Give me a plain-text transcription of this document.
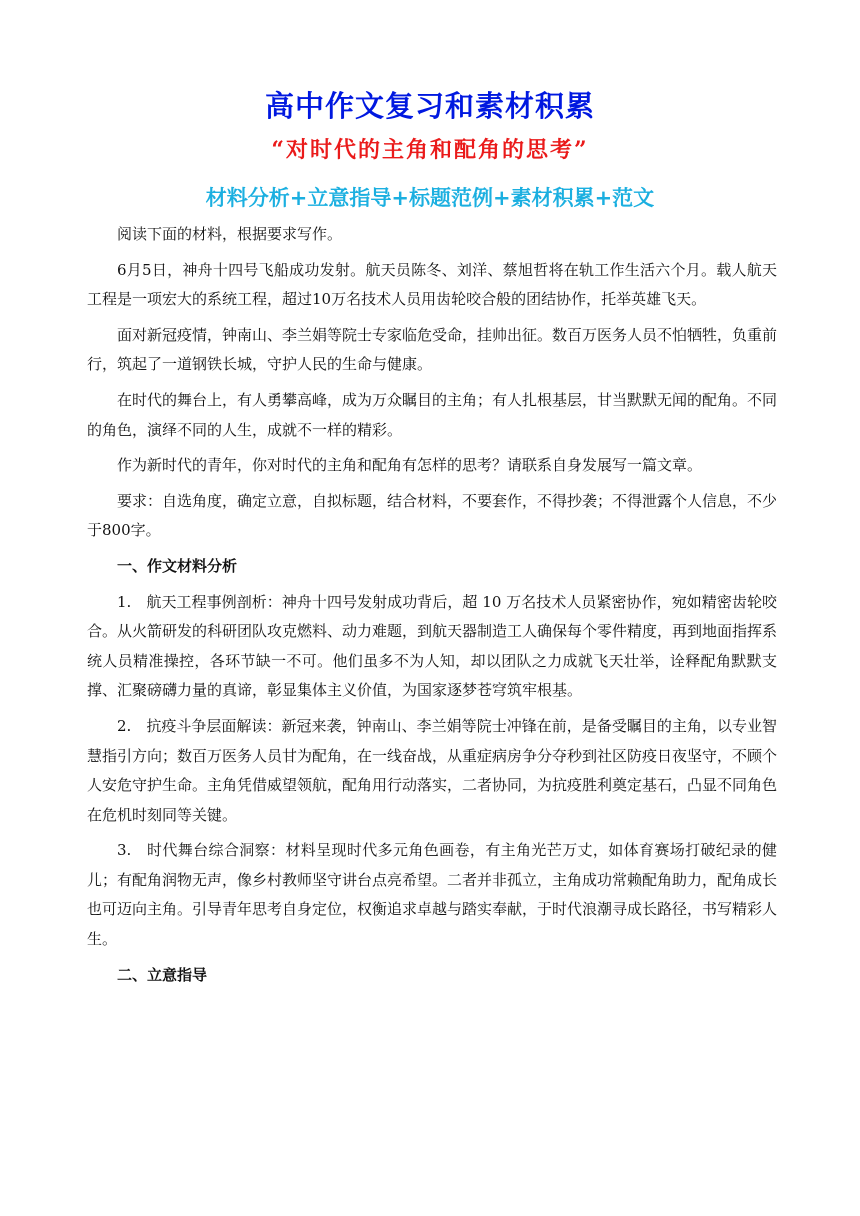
高中作文复习和素材积累
“对时代的主角和配角的思考”
材料分析+立意指导+标题范例+素材积累+范文

阅读下面的材料，根据要求写作。

6月5日，神舟十四号飞船成功发射。航天员陈冬、刘洋、蔡旭哲将在轨工作生活六个月。载人航天工程是一项宏大的系统工程，超过10万名技术人员用齿轮咬合般的团结协作，托举英雄飞天。

面对新冠疫情，钟南山、李兰娟等院士专家临危受命，挂帅出征。数百万医务人员不怕牺牲，负重前行，筑起了一道钢铁长城，守护人民的生命与健康。

在时代的舞台上，有人勇攀高峰，成为万众瞩目的主角；有人扎根基层，甘当默默无闻的配角。不同的角色，演绎不同的人生，成就不一样的精彩。

作为新时代的青年，你对时代的主角和配角有怎样的思考？请联系自身发展写一篇文章。

要求：自选角度，确定立意，自拟标题，结合材料，不要套作，不得抄袭；不得泄露个人信息，不少于800字。

一、作文材料分析

1.　航天工程事例剖析：神舟十四号发射成功背后，超 10 万名技术人员紧密协作，宛如精密齿轮咬合。从火箭研发的科研团队攻克燃料、动力难题，到航天器制造工人确保每个零件精度，再到地面指挥系统人员精准操控，各环节缺一不可。他们虽多不为人知，却以团队之力成就飞天壮举，诠释配角默默支撑、汇聚磅礴力量的真谛，彰显集体主义价值，为国家逐梦苍穹筑牢根基。

2.　抗疫斗争层面解读：新冠来袭，钟南山、李兰娟等院士冲锋在前，是备受瞩目的主角，以专业智慧指引方向；数百万医务人员甘为配角，在一线奋战，从重症病房争分夺秒到社区防疫日夜坚守，不顾个人安危守护生命。主角凭借威望领航，配角用行动落实，二者协同，为抗疫胜利奠定基石，凸显不同角色在危机时刻同等关键。

3.　时代舞台综合洞察：材料呈现时代多元角色画卷，有主角光芒万丈，如体育赛场打破纪录的健儿；有配角润物无声，像乡村教师坚守讲台点亮希望。二者并非孤立，主角成功常赖配角助力，配角成长也可迈向主角。引导青年思考自身定位，权衡追求卓越与踏实奉献，于时代浪潮寻成长路径，书写精彩人生。

二、立意指导
